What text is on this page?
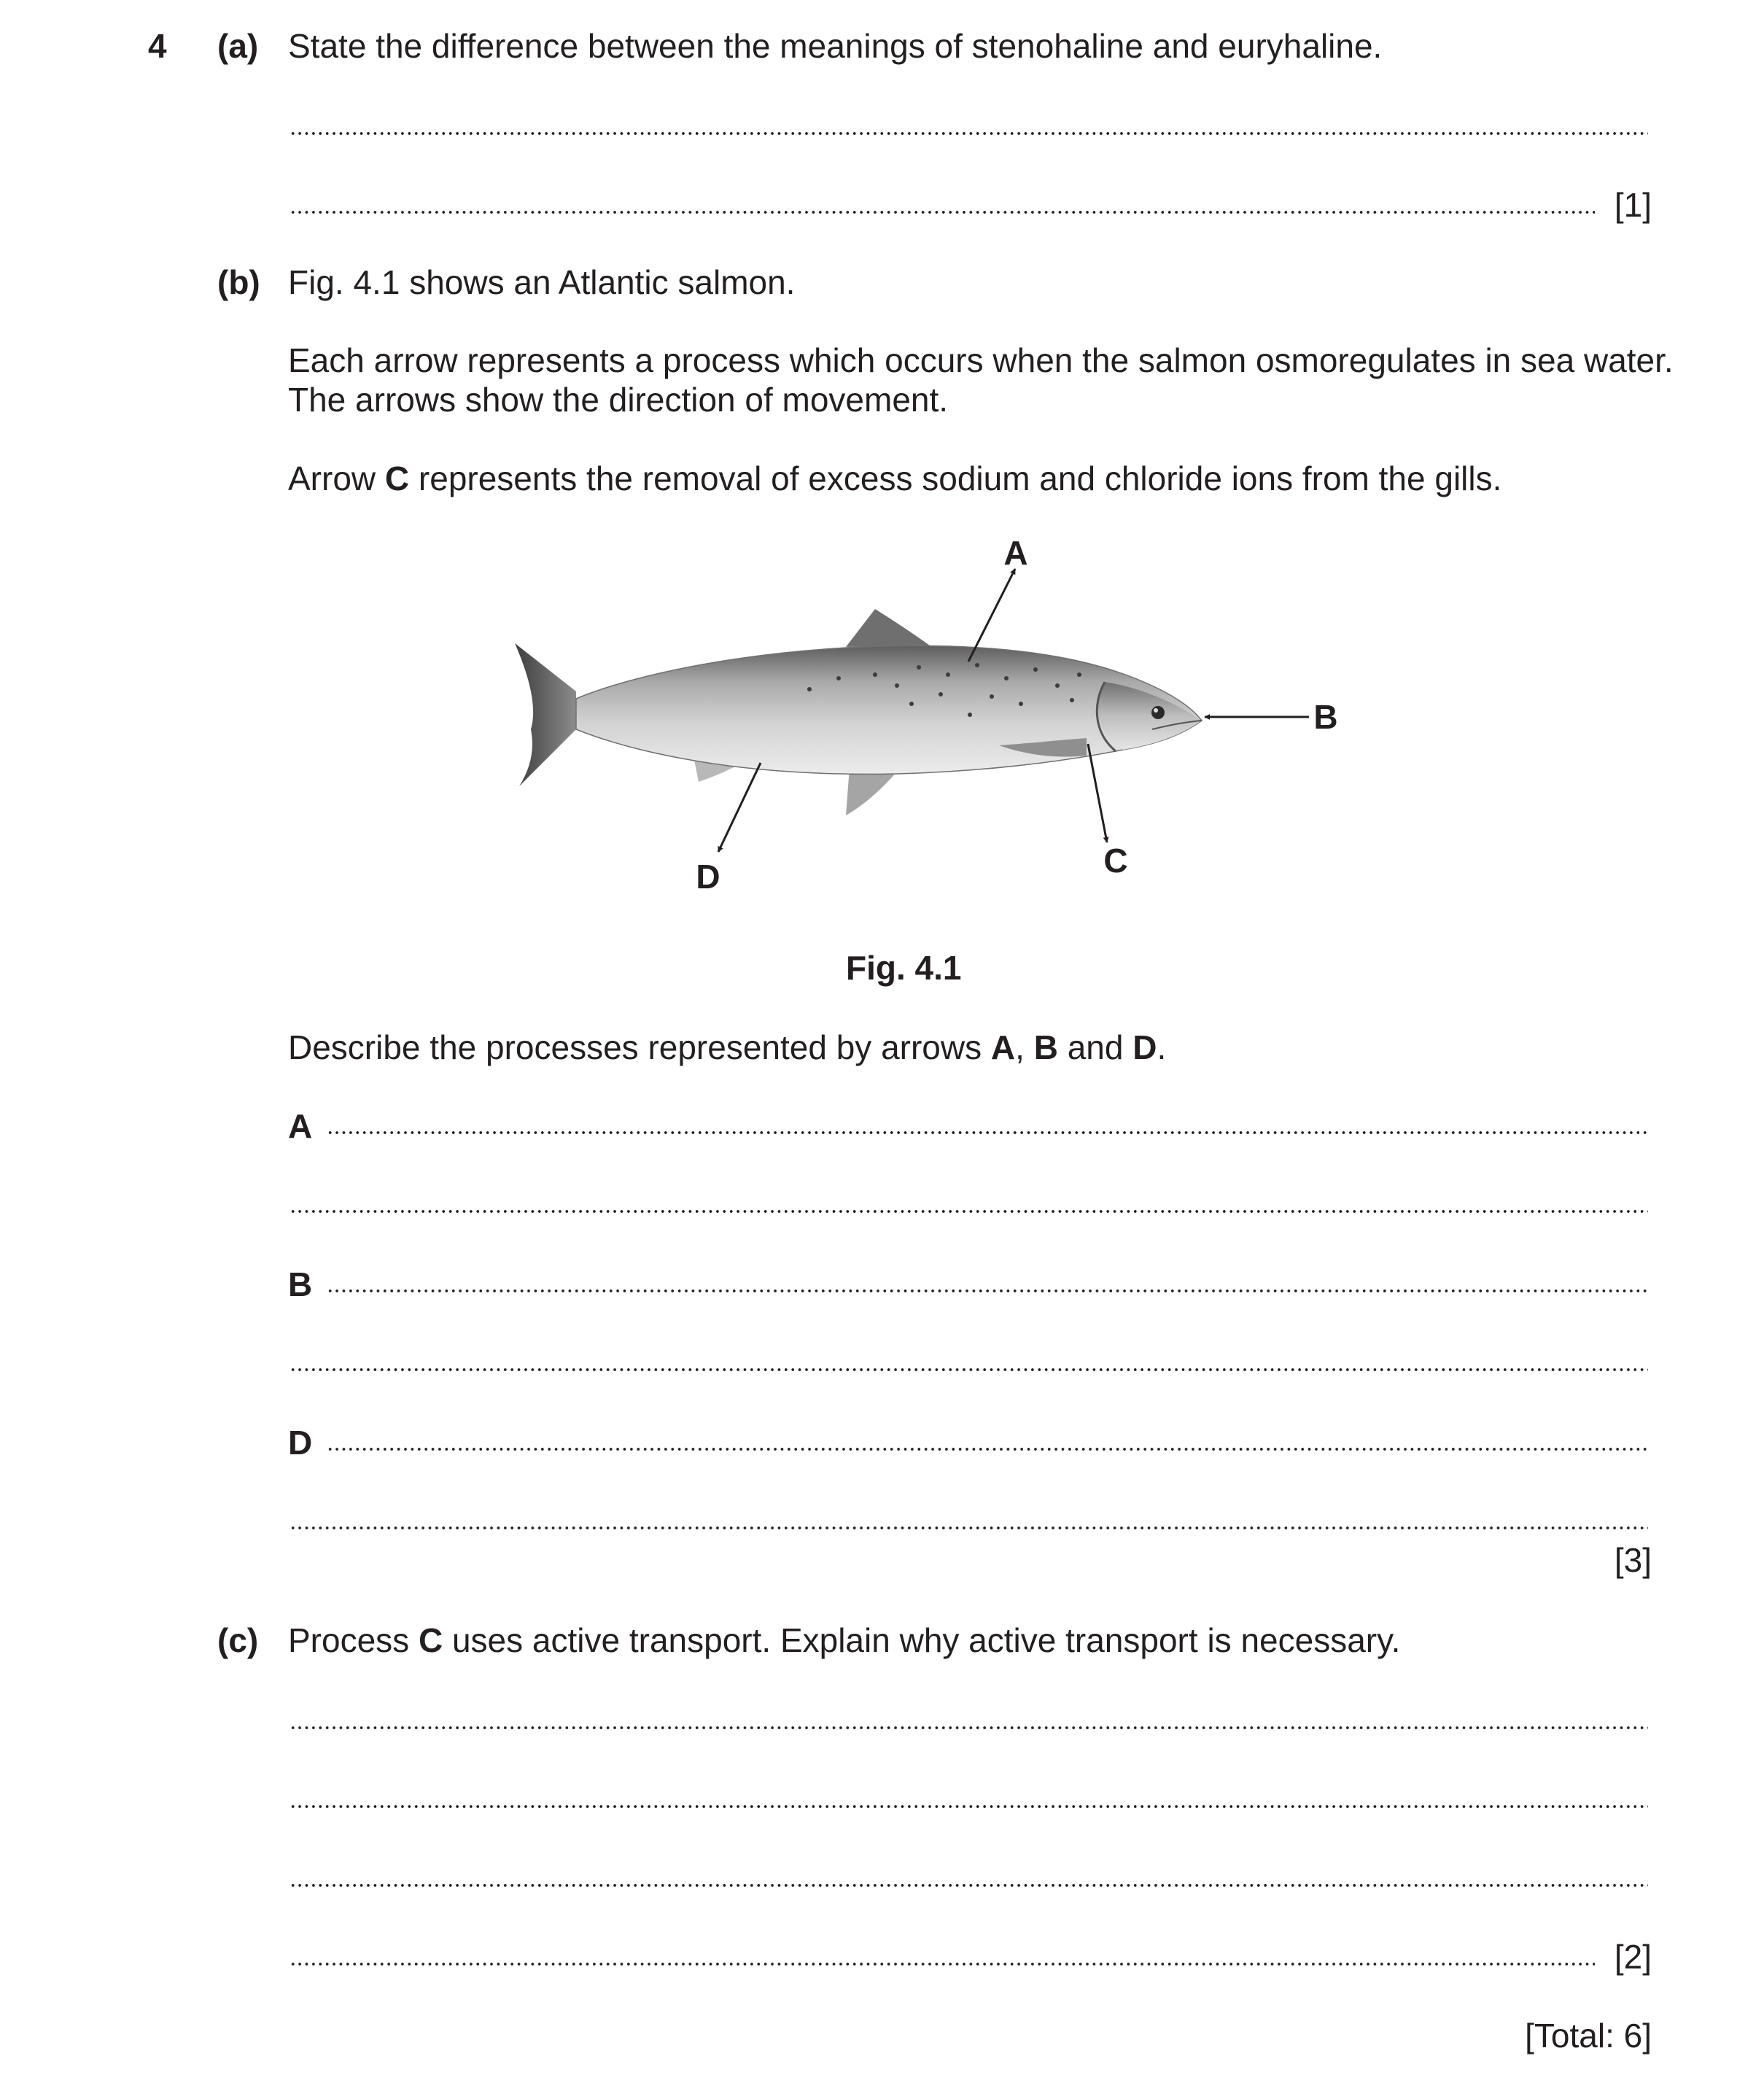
4 (a) State the difference between the meanings of stenohaline and euryhaline.
[1]
(b) Fig. 4.1 shows an Atlantic salmon.
Each arrow represents a process which occurs when the salmon osmoregulates in sea water.
The arrows show the direction of movement.
Arrow C represents the removal of excess sodium and chloride ions from the gills.
A
B
C
D
Fig. 4.1
Describe the processes represented by arrows A, B and D.
A
B
D
[3]
(c) Process C uses active transport. Explain why active transport is necessary.
[2]
[Total: 6]
